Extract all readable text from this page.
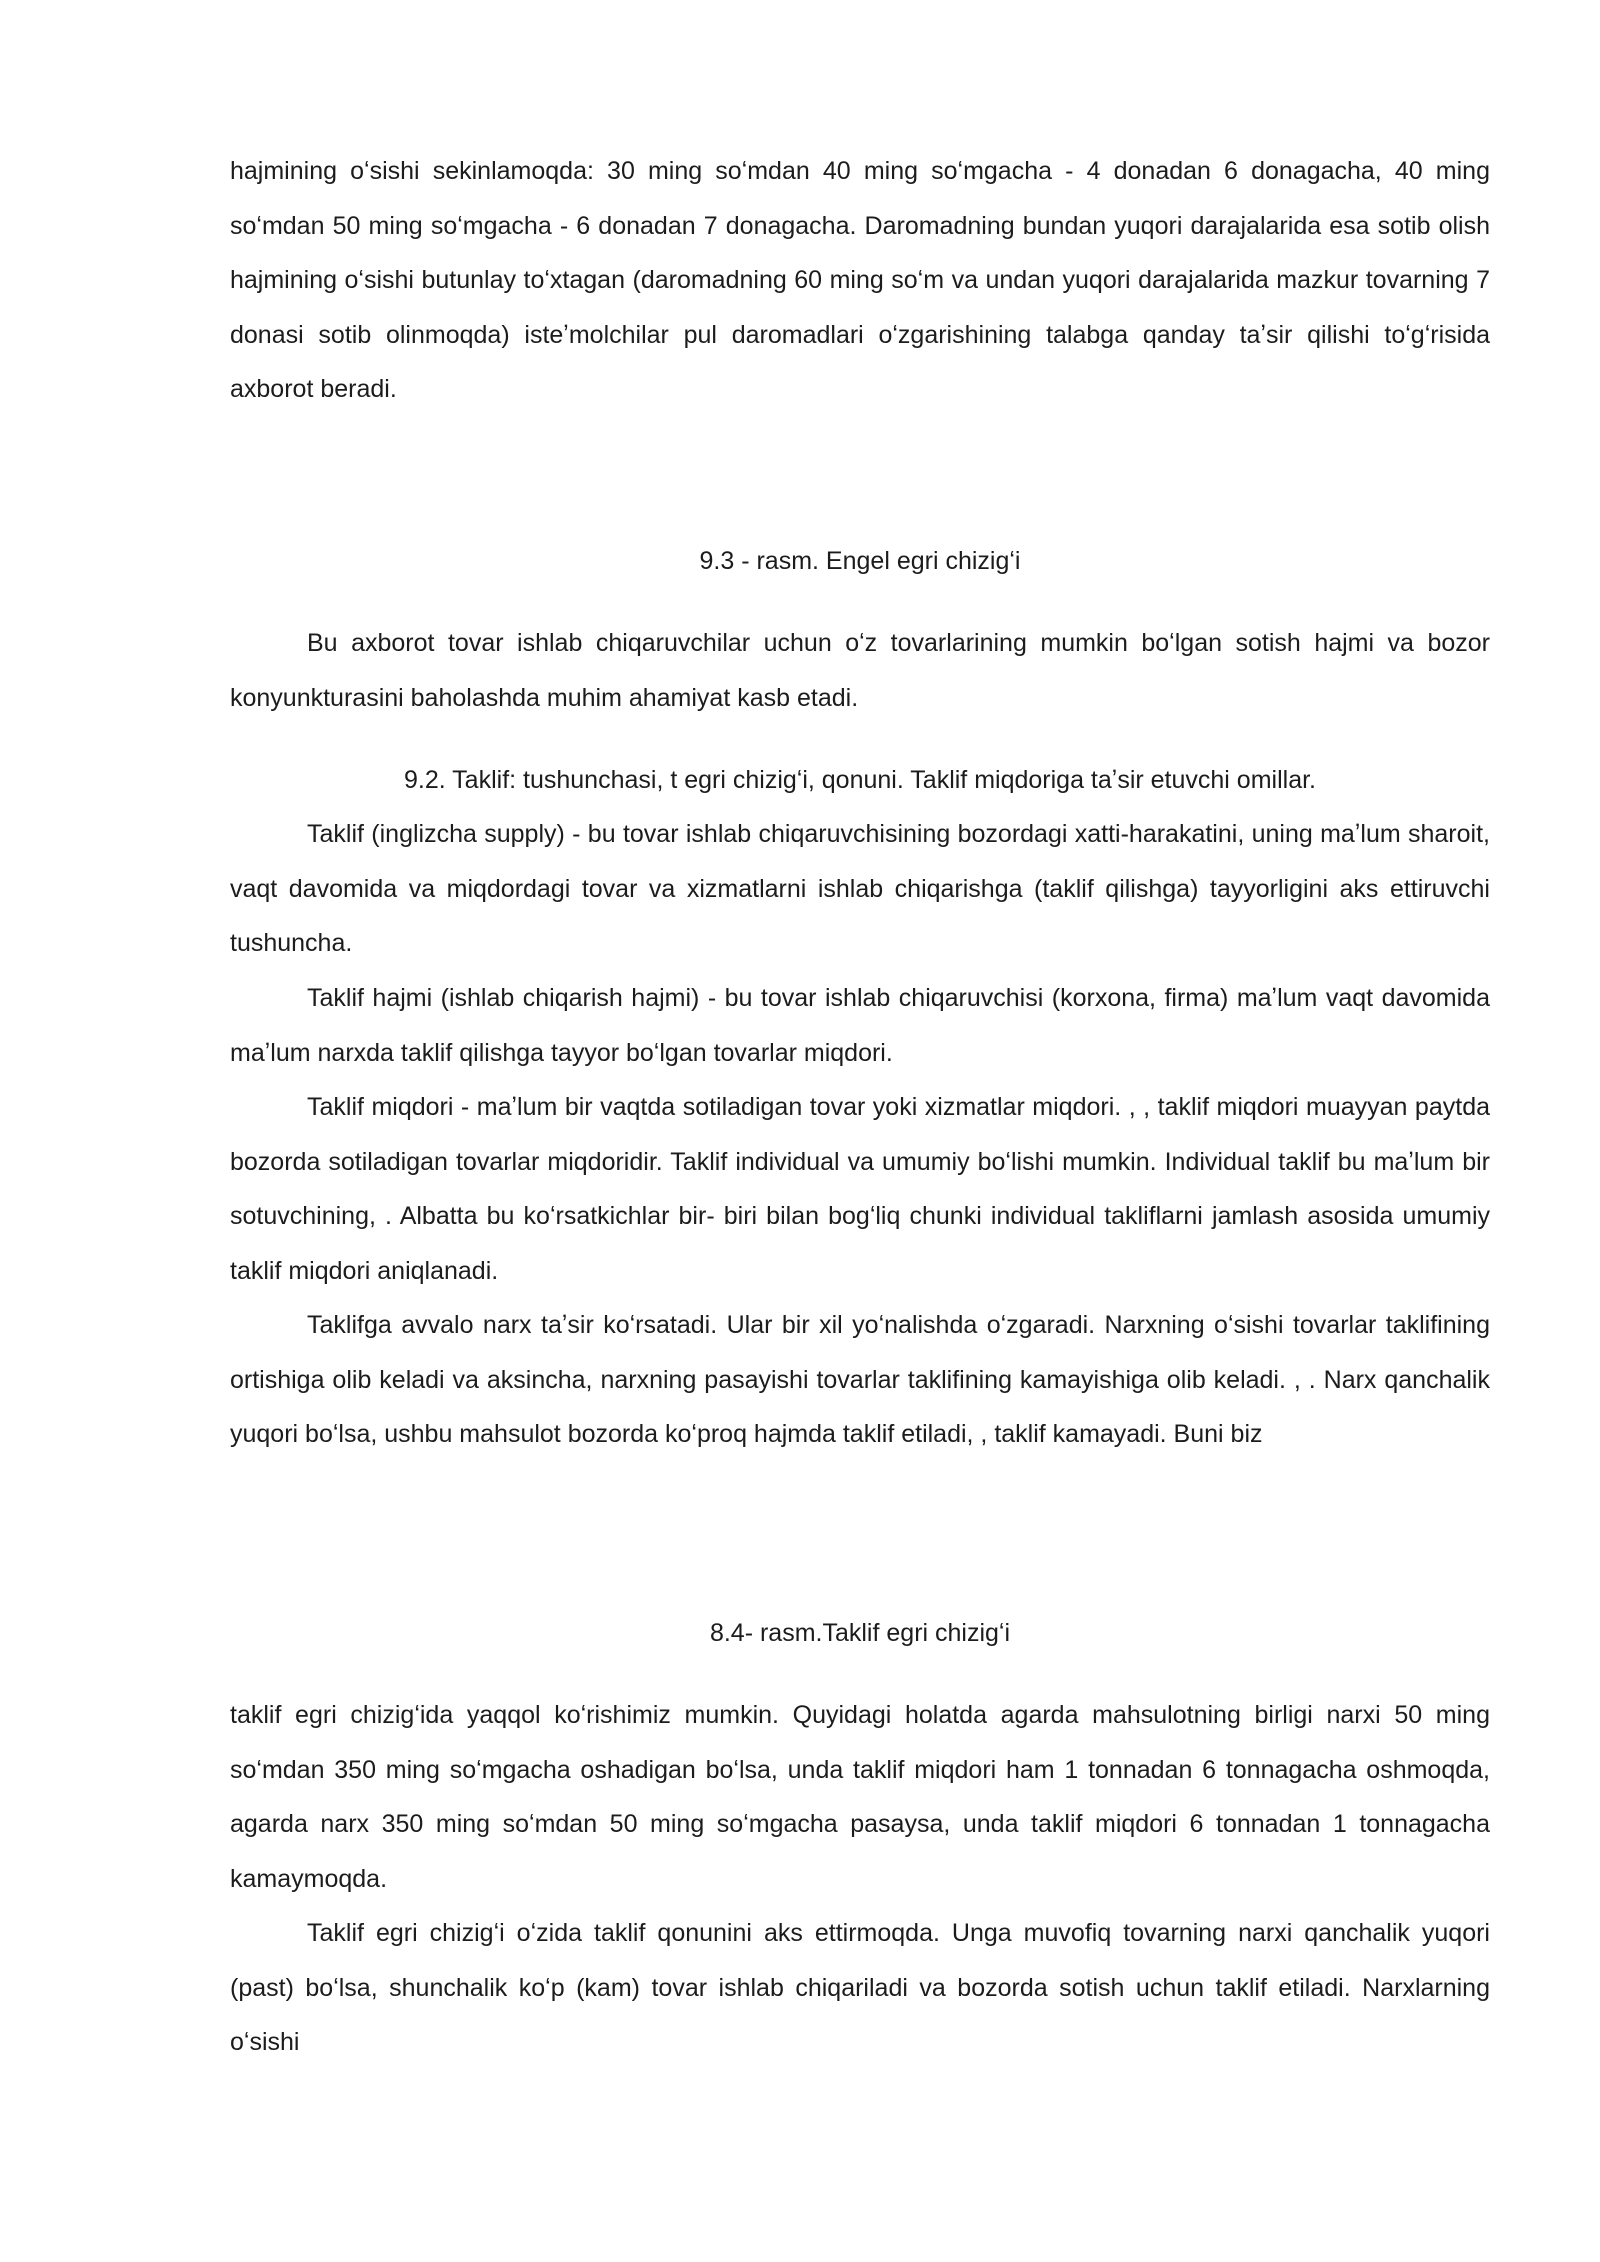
hajmining oʻsishi sekinlamoqda: 30 ming soʻmdan 40 ming soʻmgacha - 4 donadan 6 donagacha, 40 ming soʻmdan 50 ming soʻmgacha - 6 donadan 7 donagacha. Daromadning bundan yuqori darajalarida esa sotib olish hajmining oʻsishi butunlay toʻxtagan (daromadning 60 ming soʻm va undan yuqori darajalarida mazkur tovarning 7 donasi sotib olinmoqda) isteʼmolchilar pul daromadlari oʻzgarishining talabga qanday taʼsir qilishi toʻgʻrisida axborot beradi.

9.3 - rasm. Engel egri chizigʻi

Bu axborot tovar ishlab chiqaruvchilar uchun oʻz tovarlarining mumkin boʻlgan sotish hajmi va bozor konyunkturasini baholashda muhim ahamiyat kasb etadi.

9.2. Taklif: tushunchasi, t egri chizigʻi, qonuni. Taklif miqdoriga taʼsir etuvchi omillar.

Taklif (inglizcha supply) - bu tovar ishlab chiqaruvchisining bozordagi xatti-harakatini, uning maʼlum sharoit, vaqt davomida va miqdordagi tovar va xizmatlarni ishlab chiqarishga (taklif qilishga) tayyorligini aks ettiruvchi tushuncha.

Taklif hajmi (ishlab chiqarish hajmi) - bu tovar ishlab chiqaruvchisi (korxona, firma) maʼlum vaqt davomida maʼlum narxda taklif qilishga tayyor boʻlgan tovarlar miqdori.

Taklif miqdori - maʼlum bir vaqtda sotiladigan tovar yoki xizmatlar miqdori. , , taklif miqdori muayyan paytda bozorda sotiladigan tovarlar miqdoridir. Taklif individual va umumiy boʻlishi mumkin. Individual taklif bu maʼlum bir sotuvchining, . Albatta bu koʻrsatkichlar bir- biri bilan bogʻliq chunki individual takliflarni jamlash asosida umumiy taklif miqdori aniqlanadi.

Taklifga avvalo narx taʼsir koʻrsatadi. Ular bir xil yoʻnalishda oʻzgaradi. Narxning oʻsishi tovarlar taklifining ortishiga olib keladi va aksincha, narxning pasayishi tovarlar taklifining kamayishiga olib keladi. , . Narx qanchalik yuqori boʻlsa, ushbu mahsulot bozorda koʻproq hajmda taklif etiladi, , taklif kamayadi. Buni biz

8.4- rasm.Taklif egri chizigʻi

taklif egri chizigʻida yaqqol koʻrishimiz mumkin. Quyidagi holatda agarda mahsulotning birligi narxi 50 ming soʻmdan 350 ming soʻmgacha oshadigan boʻlsa, unda taklif miqdori ham 1 tonnadan 6 tonnagacha oshmoqda, agarda narx 350 ming soʻmdan 50 ming soʻmgacha pasaysa, unda taklif miqdori 6 tonnadan 1 tonnagacha kamaymoqda.

Taklif egri chizigʻi oʻzida taklif qonunini aks ettirmoqda. Unga muvofiq tovarning narxi qanchalik yuqori (past) boʻlsa, shunchalik koʻp (kam) tovar ishlab chiqariladi va bozorda sotish uchun taklif etiladi. Narxlarning oʻsishi
